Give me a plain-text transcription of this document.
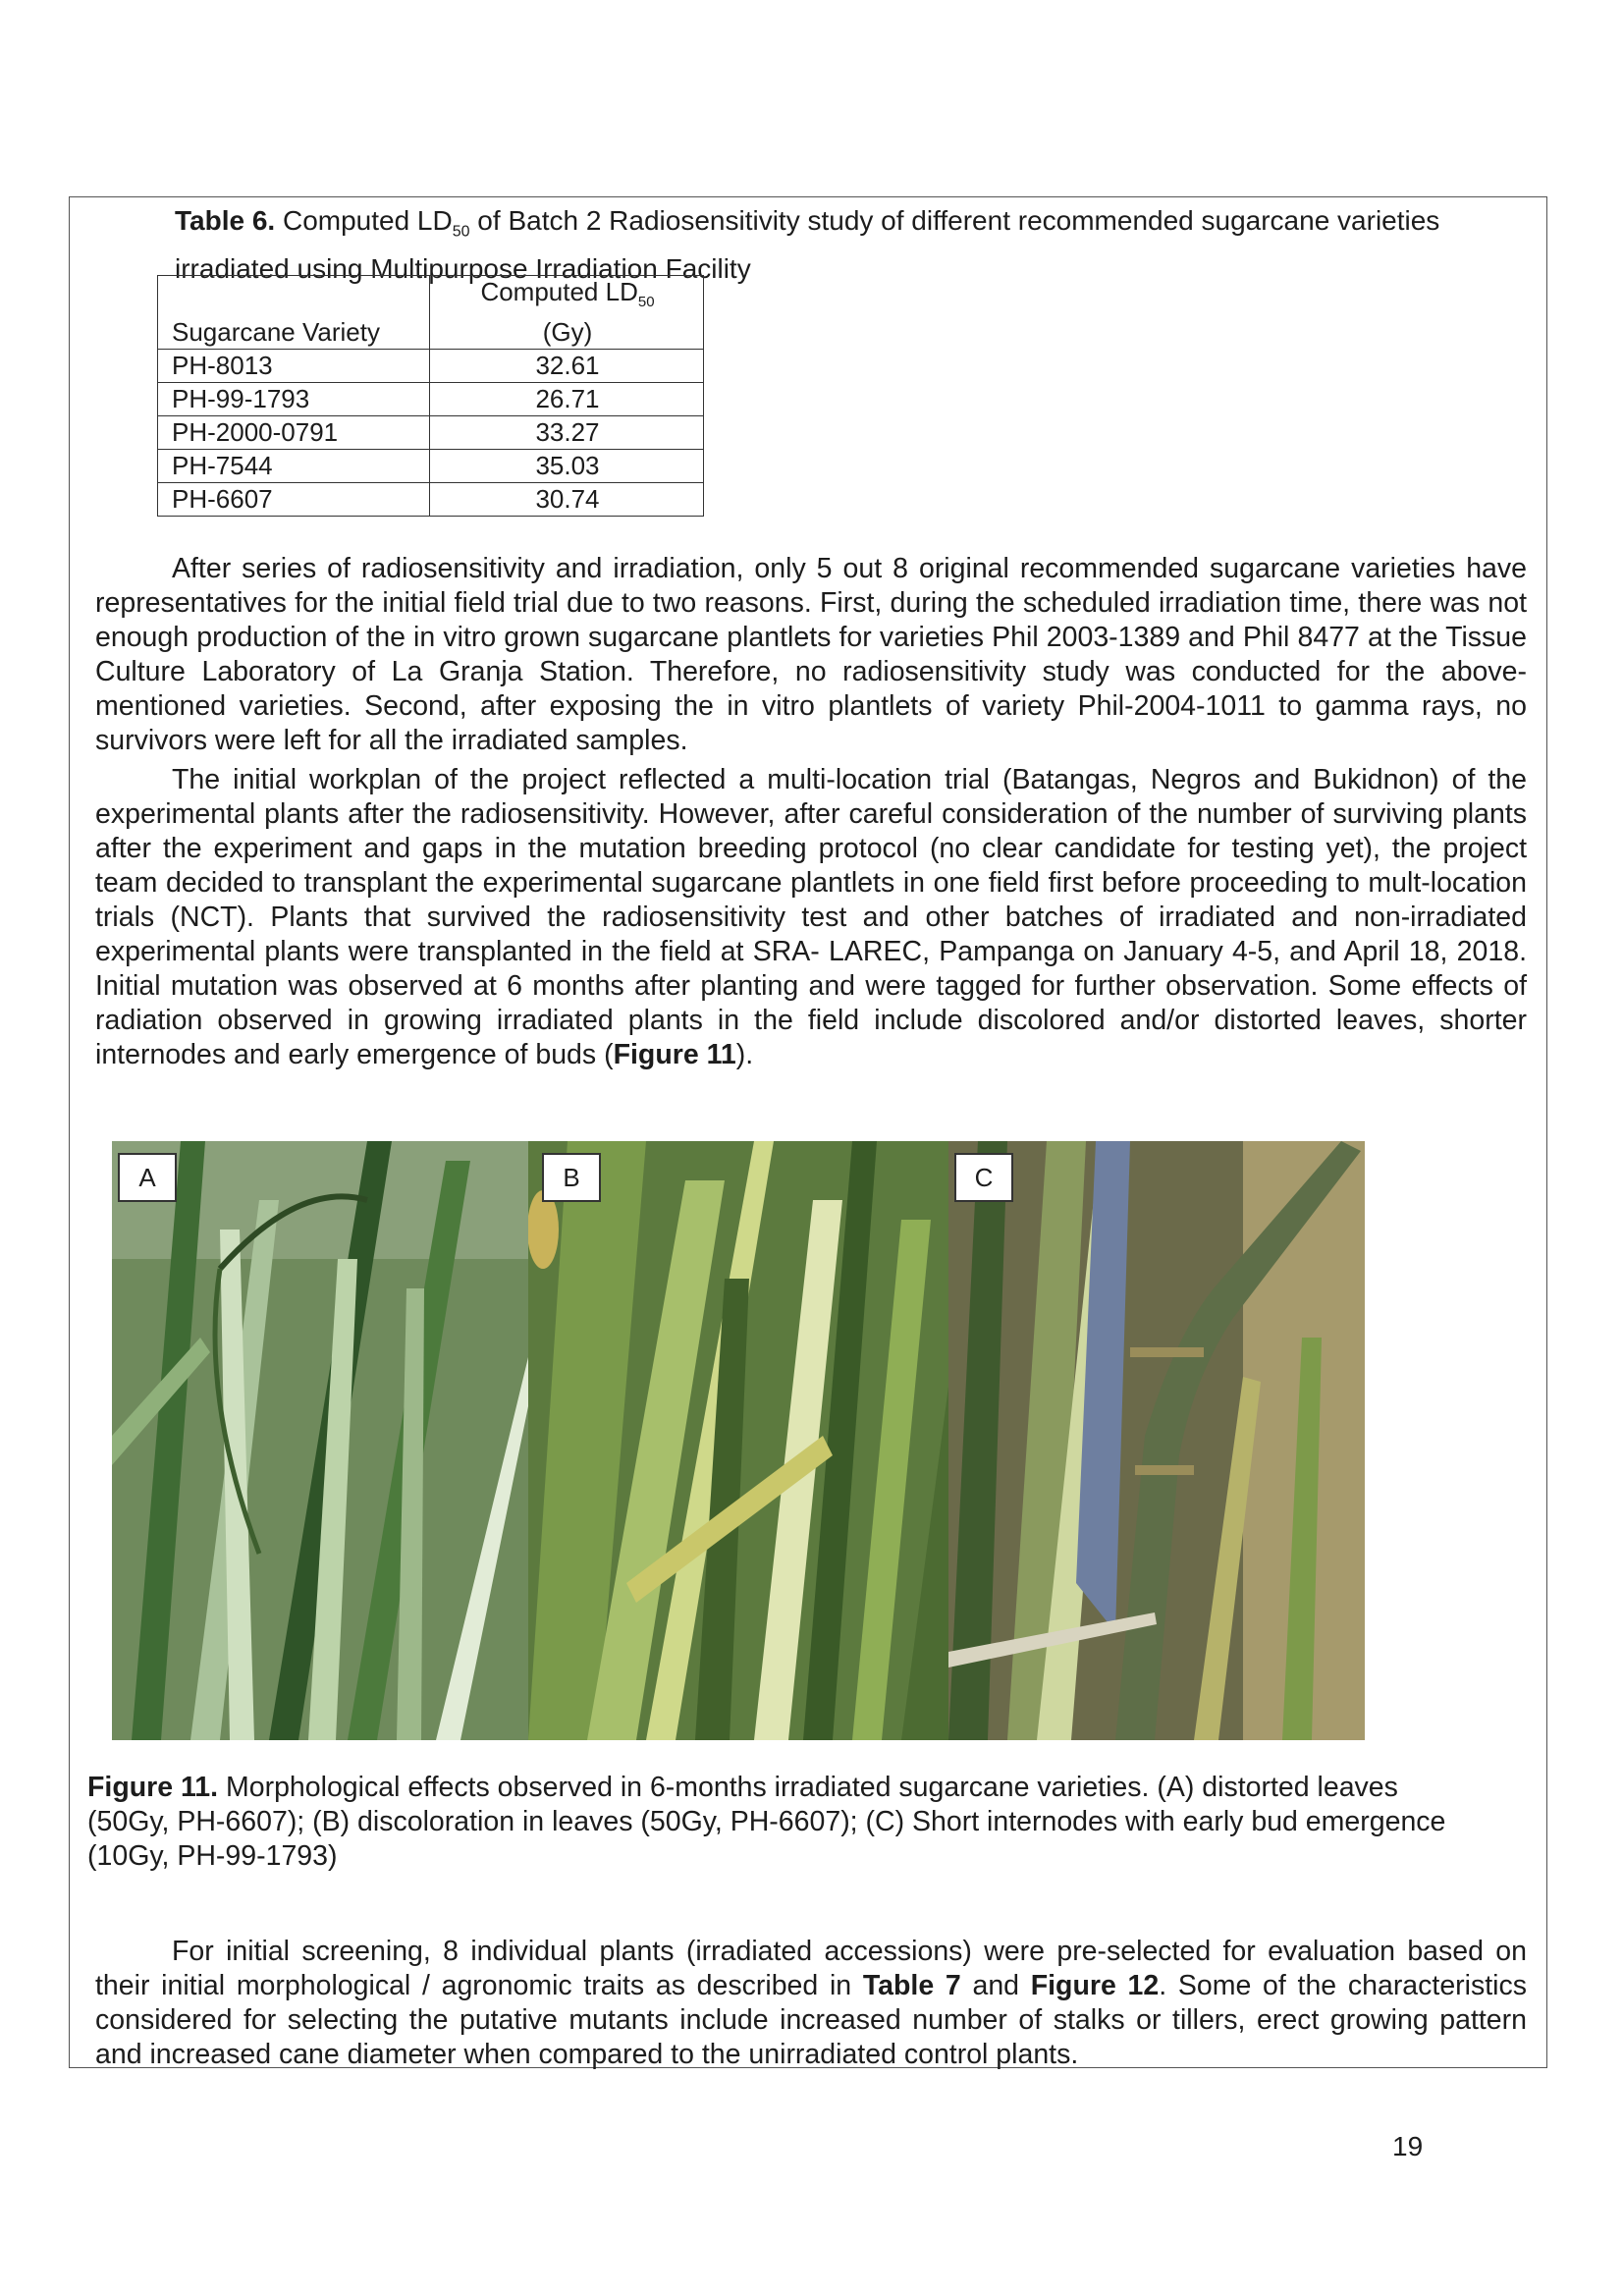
Table 6. Computed $LD_{50}$ of Batch 2 Radiosensitivity study of different recommended sugarcane varieties irradiated using Multipurpose Irradiation Facility
Sugarcane Variety	Computed $LD_{50}$
(Gy)
PH-8013	32.61
PH-99-1793	26.71
PH-2000-0791	33.27
PH-7544	35.03
PH-6607	30.74

After series of radiosensitivity and irradiation, only 5 out 8 original recommended sugarcane varieties have representatives for the initial field trial due to two reasons. First, during the scheduled irradiation time, there was not enough production of the in vitro grown sugarcane plantlets for varieties Phil 2003-1389 and Phil 8477 at the Tissue Culture Laboratory of La Granja Station. Therefore, no radiosensitivity study was conducted for the above-mentioned varieties. Second, after exposing the in vitro plantlets of variety Phil-2004-1011 to gamma rays, no survivors were left for all the irradiated samples.

The initial workplan of the project reflected a multi-location trial (Batangas, Negros and Bukidnon) of the experimental plants after the radiosensitivity. However, after careful consideration of the number of surviving plants after the experiment and gaps in the mutation breeding protocol (no clear candidate for testing yet), the project team decided to transplant the experimental sugarcane plantlets in one field first before proceeding to mult-location trials (NCT). Plants that survived the radiosensitivity test and other batches of irradiated and non-irradiated experimental plants were transplanted in the field at SRA- LAREC, Pampanga on January 4-5, and April 18, 2018. Initial mutation was observed at 6 months after planting and were tagged for further observation. Some effects of radiation observed in growing irradiated plants in the field include discolored and/or distorted leaves, shorter internodes and early emergence of buds (Figure 11).

A	B	C

Figure 11. Morphological effects observed in 6-months irradiated sugarcane varieties. (A) distorted leaves (50Gy, PH-6607); (B) discoloration in leaves (50Gy, PH-6607); (C) Short internodes with early bud emergence (10Gy, PH-99-1793)

For initial screening, 8 individual plants (irradiated accessions) were pre-selected for evaluation based on their initial morphological / agronomic traits as described in Table 7 and Figure 12. Some of the characteristics considered for selecting the putative mutants include increased number of stalks or tillers, erect growing pattern and increased cane diameter when compared to the unirradiated control plants.

19
